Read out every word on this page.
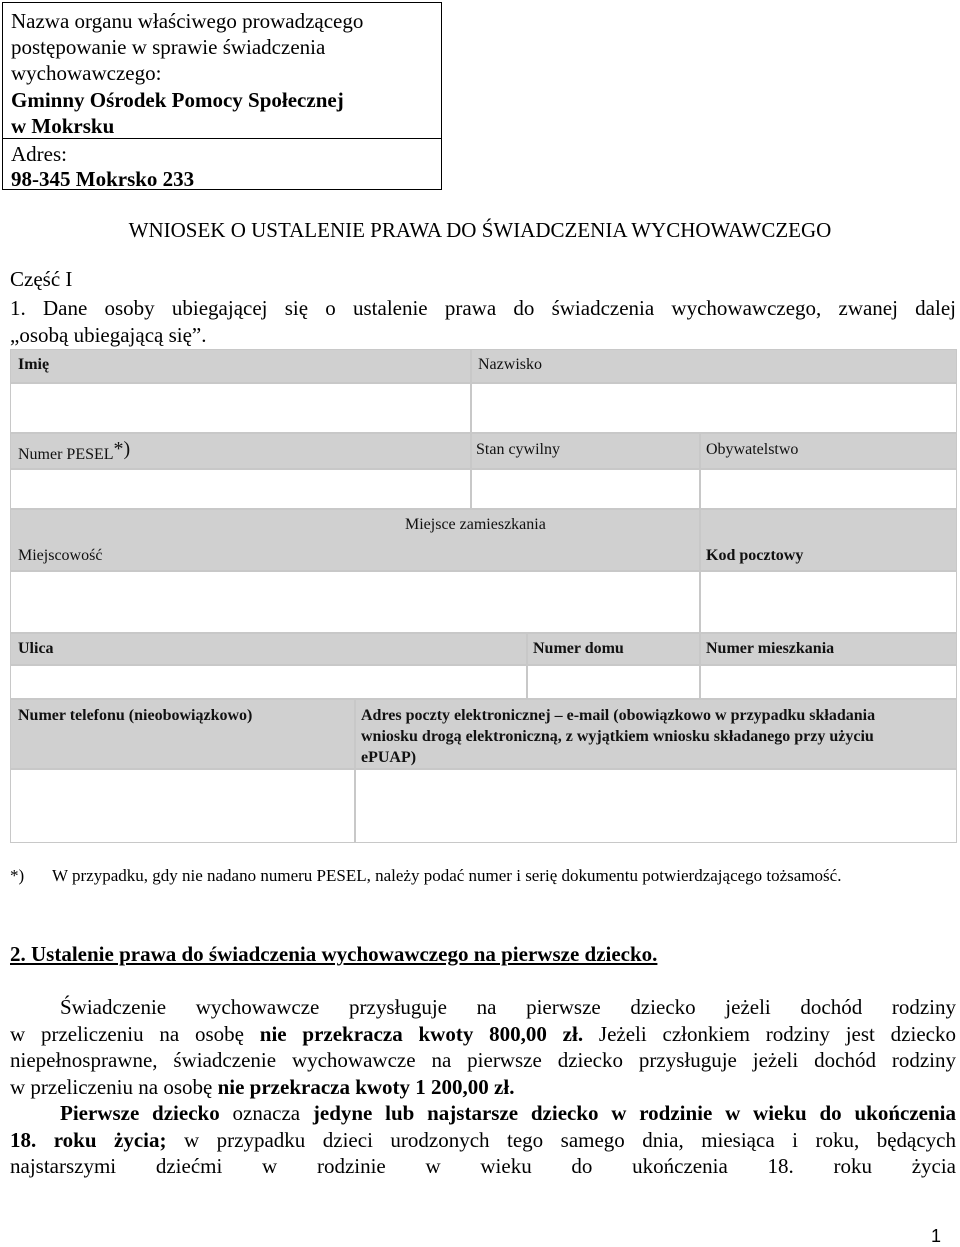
Nazwa organu właściwego prowadzącego
postępowanie w sprawie świadczenia
wychowawczego:
Gminny Ośrodek Pomocy Społecznej
w Mokrsku
Adres:
98-345 Mokrsko 233
WNIOSEK O USTALENIE PRAWA DO ŚWIADCZENIA WYCHOWAWCZEGO
Część I
1. Dane osoby ubiegającej się o ustalenie prawa do świadczenia wychowawczego, zwanej dalej
„osobą ubiegającą się”.
Imię	Nazwisko
Numer PESEL*)	Stan cywilny	Obywatelstwo
Miejsce zamieszkania
Miejscowość	Kod pocztowy
Ulica	Numer domu	Numer mieszkania
Numer telefonu (nieobowiązkowo)	Adres poczty elektronicznej – e-mail (obowiązkowo w przypadku składania
wniosku drogą elektroniczną, z wyjątkiem wniosku składanego przy użyciu
ePUAP)
*) W przypadku, gdy nie nadano numeru PESEL, należy podać numer i serię dokumentu potwierdzającego tożsamość.
2. Ustalenie prawa do świadczenia wychowawczego na pierwsze dziecko.
Świadczenie wychowawcze przysługuje na pierwsze dziecko jeżeli dochód rodziny
w przeliczeniu na osobę nie przekracza kwoty 800,00 zł. Jeżeli członkiem rodziny jest dziecko
niepełnosprawne, świadczenie wychowawcze na pierwsze dziecko przysługuje jeżeli dochód rodziny
w przeliczeniu na osobę nie przekracza kwoty 1 200,00 zł.
Pierwsze dziecko oznacza jedyne lub najstarsze dziecko w rodzinie w wieku do ukończenia
18. roku życia; w przypadku dzieci urodzonych tego samego dnia, miesiąca i roku, będących
najstarszymi dziećmi w rodzinie w wieku do ukończenia 18. roku życia
1
